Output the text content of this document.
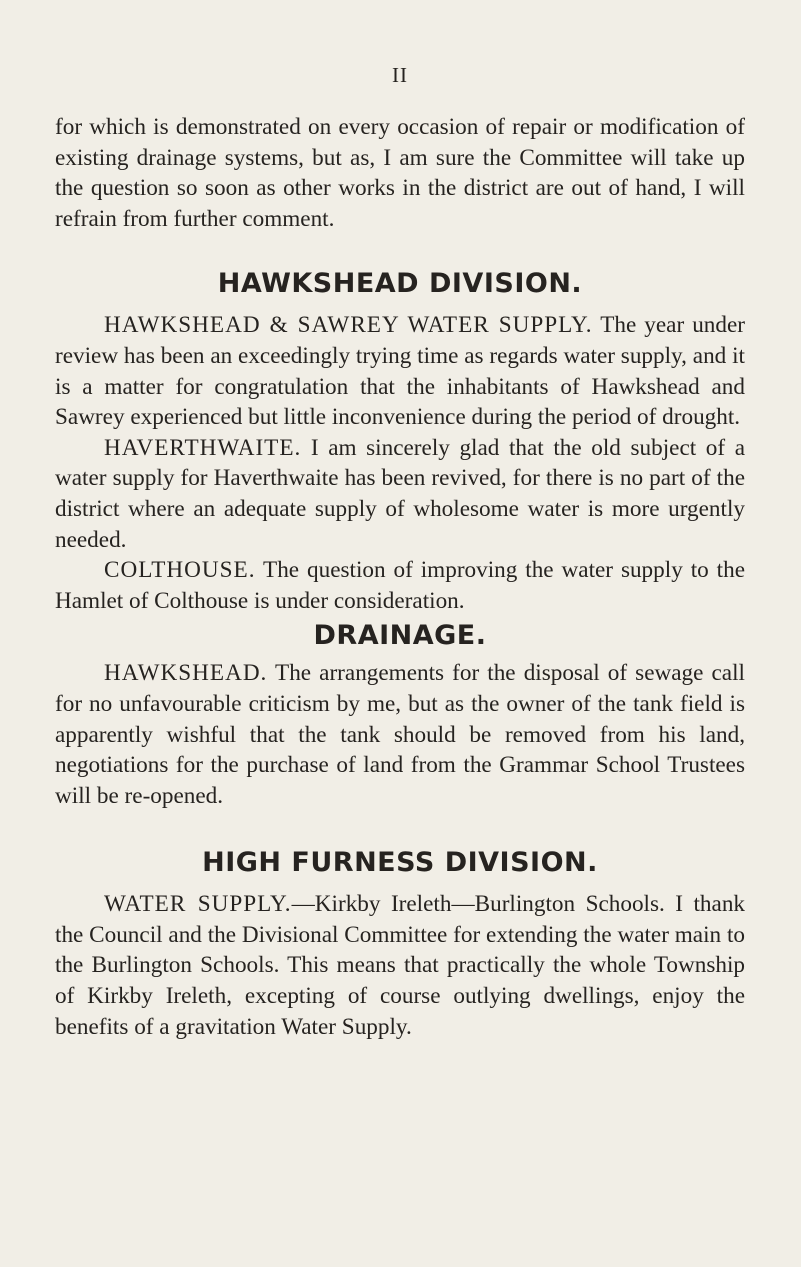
II

for which is demonstrated on every occasion of repair or modification of existing drainage systems, but as, I am sure the Committee will take up the question so soon as other works in the district are out of hand, I will refrain from further comment.

HAWKSHEAD DIVISION.

HAWKSHEAD & SAWREY WATER SUPPLY. The year under review has been an exceedingly trying time as regards water supply, and it is a matter for congratulation that the inhabitants of Hawkshead and Sawrey experienced but little inconvenience during the period of drought.

HAVERTHWAITE. I am sincerely glad that the old subject of a water supply for Haverthwaite has been revived, for there is no part of the district where an adequate supply of wholesome water is more urgently needed.

COLTHOUSE. The question of improving the water supply to the Hamlet of Colthouse is under consideration.

DRAINAGE.

HAWKSHEAD. The arrangements for the disposal of sewage call for no unfavourable criticism by me, but as the owner of the tank field is apparently wishful that the tank should be removed from his land, negotiations for the purchase of land from the Grammar School Trustees will be re-opened.

HIGH FURNESS DIVISION.

WATER SUPPLY.—Kirkby Ireleth—Burlington Schools. I thank the Council and the Divisional Committee for extending the water main to the Burlington Schools. This means that practically the whole Township of Kirkby Ireleth, excepting of course outlying dwellings, enjoy the benefits of a gravitation Water Supply.
